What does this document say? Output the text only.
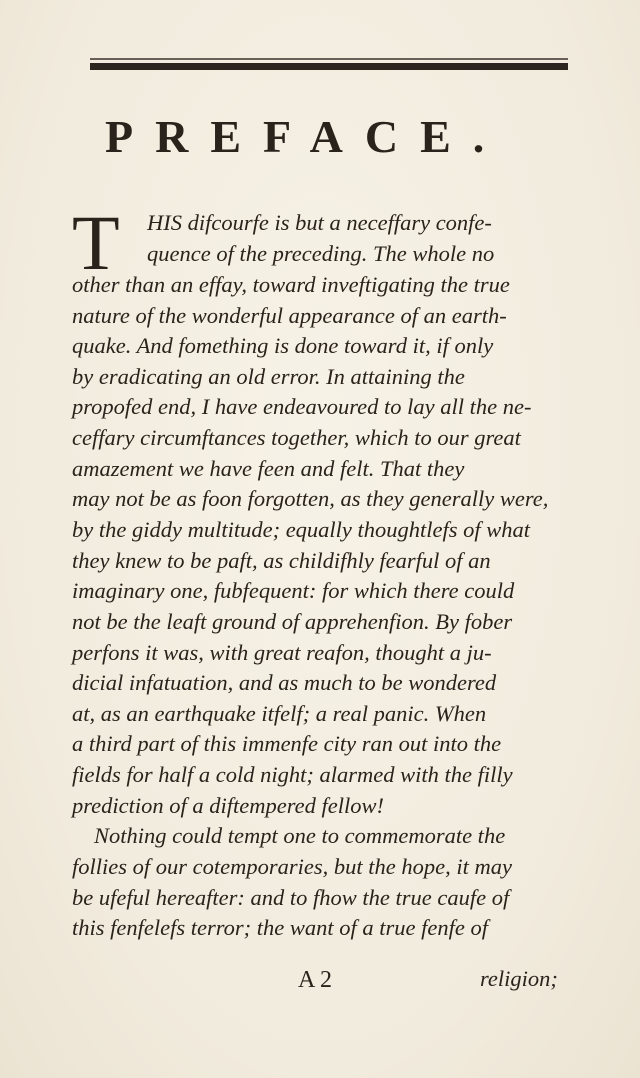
PREFACE.
T HIS difcourfe is but a neceffary confe-
quence of the preceding. The whole no
other than an effay, toward inveftigating the true
nature of the wonderful appearance of an earth-
quake. And fomething is done toward it, if only
by eradicating an old error. In attaining the
propofed end, I have endeavoured to lay all the ne-
ceffary circumftances together, which to our great
amazement we have feen and felt. That they
may not be as foon forgotten, as they generally were,
by the giddy multitude; equally thoughtlefs of what
they knew to be paft, as childifhly fearful of an
imaginary one, fubfequent: for which there could
not be the leaft ground of apprehenfion. By fober
perfons it was, with great reafon, thought a ju-
dicial infatuation, and as much to be wondered
at, as an earthquake itfelf; a real panic. When
a third part of this immenfe city ran out into the
fields for half a cold night; alarmed with the filly
prediction of a diftempered fellow!
Nothing could tempt one to commemorate the
follies of our cotemporaries, but the hope, it may
be ufeful hereafter: and to fhow the true caufe of
this fenfelefs terror; the want of a true fenfe of
A 2	religion;
